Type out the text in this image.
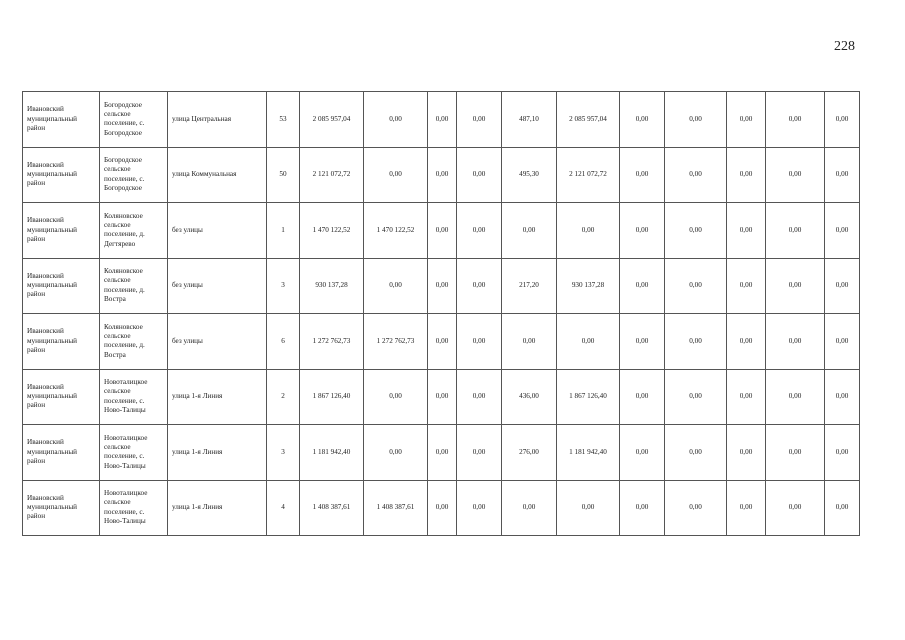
228
Ивановский муниципальный район	Богородское сельское поселение, с. Богородское	улица Центральная	53	2 085 957,04	0,00	0,00	0,00	487,10	2 085 957,04	0,00	0,00	0,00	0,00	0,00
Ивановский муниципальный район	Богородское сельское поселение, с. Богородское	улица Коммунальная	50	2 121 072,72	0,00	0,00	0,00	495,30	2 121 072,72	0,00	0,00	0,00	0,00	0,00
Ивановский муниципальный район	Коляновское сельское поселение, д. Дегтярево	без улицы	1	1 470 122,52	1 470 122,52	0,00	0,00	0,00	0,00	0,00	0,00	0,00	0,00	0,00
Ивановский муниципальный район	Коляновское сельское поселение, д. Востра	без улицы	3	930 137,28	0,00	0,00	0,00	217,20	930 137,28	0,00	0,00	0,00	0,00	0,00
Ивановский муниципальный район	Коляновское сельское поселение, д. Востра	без улицы	6	1 272 762,73	1 272 762,73	0,00	0,00	0,00	0,00	0,00	0,00	0,00	0,00	0,00
Ивановский муниципальный район	Новоталицкое сельское поселение, с. Ново-Талицы	улица 1-я Линия	2	1 867 126,40	0,00	0,00	0,00	436,00	1 867 126,40	0,00	0,00	0,00	0,00	0,00
Ивановский муниципальный район	Новоталицкое сельское поселение, с. Ново-Талицы	улица 1-я Линия	3	1 181 942,40	0,00	0,00	0,00	276,00	1 181 942,40	0,00	0,00	0,00	0,00	0,00
Ивановский муниципальный район	Новоталицкое сельское поселение, с. Ново-Талицы	улица 1-я Линия	4	1 408 387,61	1 408 387,61	0,00	0,00	0,00	0,00	0,00	0,00	0,00	0,00	0,00
